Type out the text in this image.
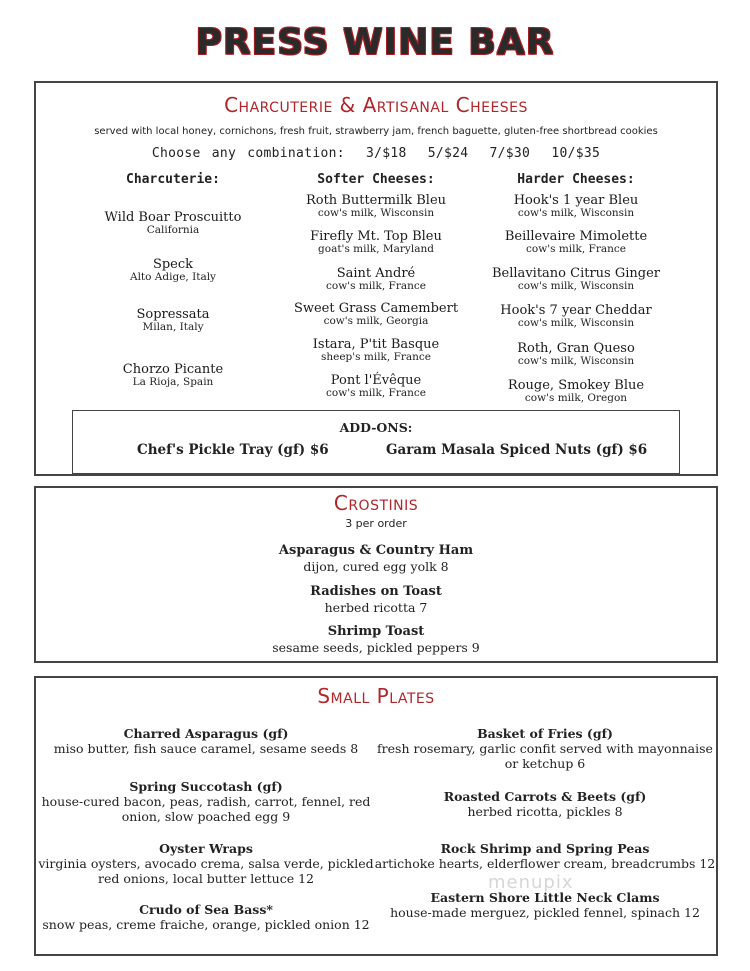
PRESS WINE BAR
Charcuterie & Artisanal Cheeses
served with local honey, cornichons, fresh fruit, strawberry jam, french baguette, gluten-free shortbread cookies
Choose any combination: 3/$18 5/$24 7/$30 10/$35
Charcuterie:
Wild Boar Proscuitto
California
Speck
Alto Adige, Italy
Sopressata
Milan, Italy
Chorzo Picante
La Rioja, Spain
Softer Cheeses:
Roth Buttermilk Bleu
cow's milk, Wisconsin
Firefly Mt. Top Bleu
goat's milk, Maryland
Saint André
cow's milk, France
Sweet Grass Camembert
cow's milk, Georgia
Istara, P'tit Basque
sheep's milk, France
Pont l'Évêque
cow's milk, France
Harder Cheeses:
Hook's 1 year Bleu
cow's milk, Wisconsin
Beillevaire Mimolette
cow's milk, France
Bellavitano Citrus Ginger
cow's milk, Wisconsin
Hook's 7 year Cheddar
cow's milk, Wisconsin
Roth, Gran Queso
cow's milk, Wisconsin
Rouge, Smokey Blue
cow's milk, Oregon
ADD-ONS:
Chef's Pickle Tray (gf) $6	Garam Masala Spiced Nuts (gf) $6
Crostinis
3 per order
Asparagus & Country Ham
dijon, cured egg yolk 8
Radishes on Toast
herbed ricotta 7
Shrimp Toast
sesame seeds, pickled peppers 9
Small Plates
Charred Asparagus (gf)
miso butter, fish sauce caramel, sesame seeds 8
Spring Succotash (gf)
house-cured bacon, peas, radish, carrot, fennel, red onion, slow poached egg 9
Oyster Wraps
virginia oysters, avocado crema, salsa verde, pickled red onions, local butter lettuce 12
Crudo of Sea Bass*
snow peas, creme fraiche, orange, pickled onion 12
Basket of Fries (gf)
fresh rosemary, garlic confit served with mayonnaise or ketchup 6
Roasted Carrots & Beets (gf)
herbed ricotta, pickles 8
Rock Shrimp and Spring Peas
artichoke hearts, elderflower cream, breadcrumbs 12
Eastern Shore Little Neck Clams
house-made merguez, pickled fennel, spinach 12
menupix
